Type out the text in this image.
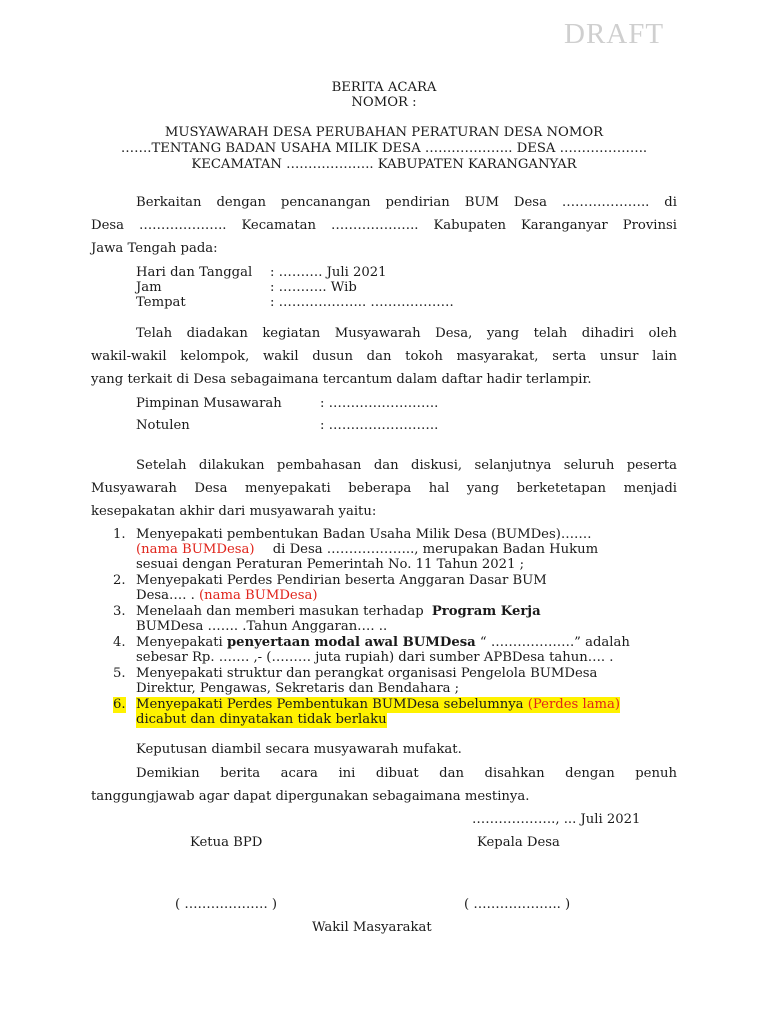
DRAFT
BERITA ACARA
NOMOR :
MUSYAWARAH DESA PERUBAHAN PERATURAN DESA NOMOR
…….TENTANG BADAN USAHA MILIK DESA ……………….. DESA ………………..
KECAMATAN ……………….. KABUPATEN KARANGANYAR
Berkaitan dengan pencanangan pendirian BUM Desa ……………….. di
Desa ……………….. Kecamatan ……………….. Kabupaten Karanganyar Provinsi
Jawa Tengah pada:
Hari dan Tanggal : ………. Juli 2021
Jam	: ……….. Wib
Tempat	: ……………….. ……………….
Telah diadakan kegiatan Musyawarah Desa, yang telah dihadiri oleh
wakil-wakil kelompok, wakil dusun dan tokoh masyarakat, serta unsur lain
yang terkait di Desa sebagaimana tercantum dalam daftar hadir terlampir.
Pimpinan Musawarah	: …………………….
Notulen	: …………………….
Setelah dilakukan pembahasan dan diskusi, selanjutnya seluruh peserta
Musyawarah Desa menyepakati beberapa hal yang berketetapan menjadi
kesepakatan akhir dari musyawarah yaitu:
1. Menyepakati pembentukan Badan Usaha Milik Desa (BUMDes)…….
(nama BUMDesa) di Desa ……………….., merupakan Badan Hukum
sesuai dengan Peraturan Pemerintah No. 11 Tahun 2021 ;
2. Menyepakati Perdes Pendirian beserta Anggaran Dasar BUM
Desa…. . (nama BUMDesa)
3. Menelaah dan memberi masukan terhadap Program Kerja
BUMDesa ……. .Tahun Anggaran…. ..
4. Menyepakati penyertaan modal awal BUMDesa “ ……………….” adalah
sebesar Rp. ……. ,- (……… juta rupiah) dari sumber APBDesa tahun…. .
5. Menyepakati struktur dan perangkat organisasi Pengelola BUMDesa
Direktur, Pengawas, Sekretaris dan Bendahara ;
6. Menyepakati Perdes Pembentukan BUMDesa sebelumnya (Perdes lama)
dicabut dan dinyatakan tidak berlaku
Keputusan diambil secara musyawarah mufakat.
Demikian berita acara ini dibuat dan disahkan dengan penuh
tanggungjawab agar dapat dipergunakan sebagaimana mestinya.
………………., ... Juli 2021
Ketua BPD	Kepala Desa
( ………………. )	( ……………….. )
Wakil Masyarakat
